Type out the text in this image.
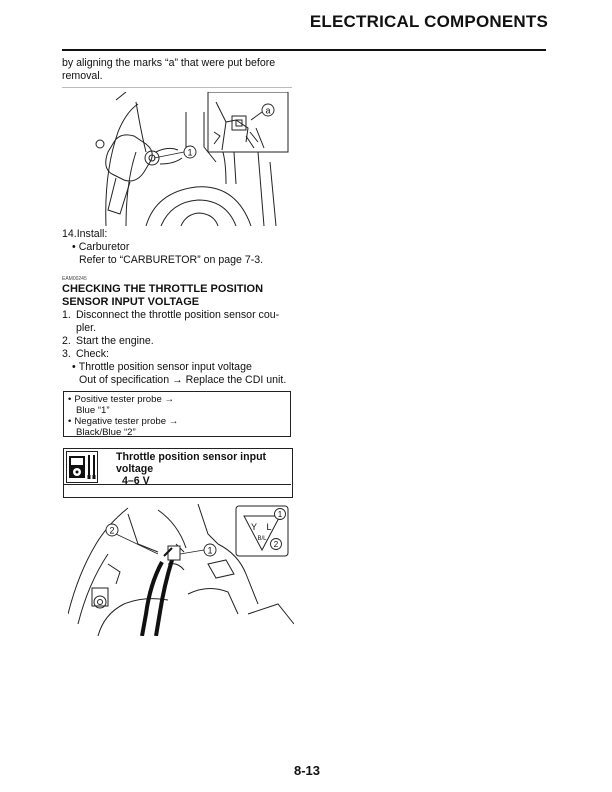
ELECTRICAL COMPONENTS
by aligning the marks “a” that were put before removal.
a
1
14.Install:
• Carburetor
Refer to “CARBURETOR” on page 7-3.
EAM00245
CHECKING THE THROTTLE POSITION
SENSOR INPUT VOLTAGE
1. Disconnect the throttle position sensor cou-
pler.
2. Start the engine.
3. Check:
• Throttle position sensor input voltage
Out of specification → Replace the CDI unit.
• Positive tester probe →
Blue “1”
• Negative tester probe →
Black/Blue “2”
Throttle position sensor input
voltage
4–6 V
1
2	Y L
B/L
1
2
8-13
